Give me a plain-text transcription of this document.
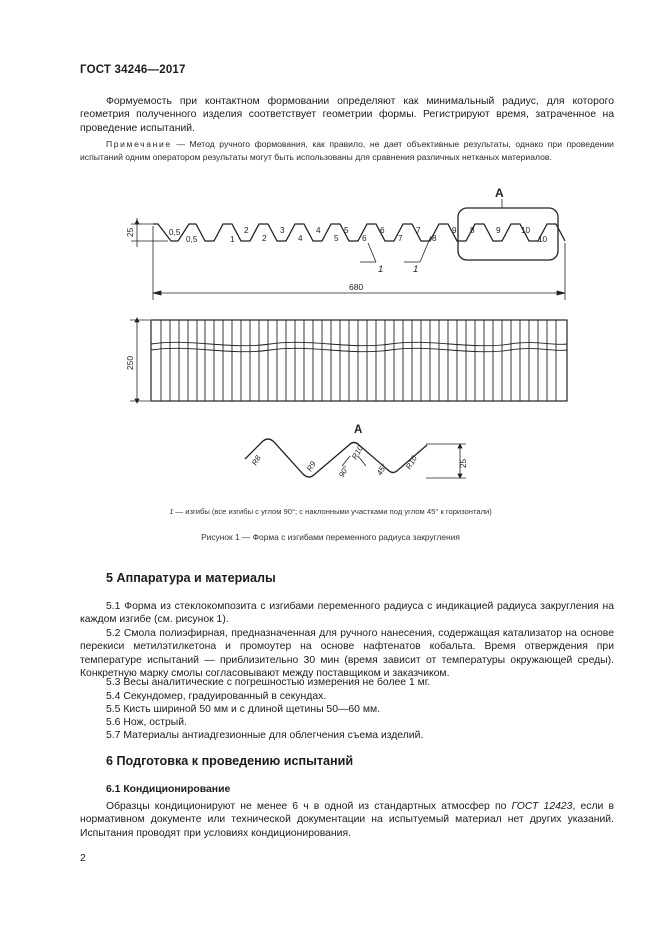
ГОСТ 34246—2017
Формуемость при контактном формовании определяют как минимальный радиус, для которого геометрия полученного изделия соответствует геометрии формы. Регистрируют время, затраченное на проведение испытаний.
Примечание — Метод ручного формования, как правило, не дает объективные результаты, однако при проведении испытаний одним оператором результаты могут быть использованы для сравнения различных нетканых материалов.
0,5
0,5	1
2	3	4	5	6	7	8	9 10
2	4	5	6	7	8
9
10
1	1
A
680
25
250
A
R8	R9
R10
R10
90°	45°	25
1 — изгибы (все изгибы с углом 90°; с наклонными участками под углом 45° к горизонтали)
Рисунок 1 — Форма с изгибами переменного радиуса закругления
5 Аппаратура и материалы
5.1 Форма из стеклокомпозита с изгибами переменного радиуса с индикацией радиуса закругления на каждом изгибе (см. рисунок 1).
5.2 Смола полиэфирная, предназначенная для ручного нанесения, содержащая катализатор на основе перекиси метилэтилкетона и промоутер на основе нафтенатов кобальта. Время отверждения при температуре испытаний — приблизительно 30 мин (время зависит от температуры окружающей среды). Конкретную марку смолы согласовывают между поставщиком и заказчиком.
5.3 Весы аналитические с погрешностью измерения не более 1 мг.
5.4 Секундомер, градуированный в секундах.
5.5 Кисть шириной 50 мм и с длиной щетины 50—60 мм.
5.6 Нож, острый.
5.7 Материалы антиадгезионные для облегчения съема изделий.
6 Подготовка к проведению испытаний
6.1 Кондиционирование
Образцы кондиционируют не менее 6 ч в одной из стандартных атмосфер по ГОСТ 12423, если в нормативном документе или технической документации на испытуемый материал нет других указаний. Испытания проводят при условиях кондиционирования.
2
